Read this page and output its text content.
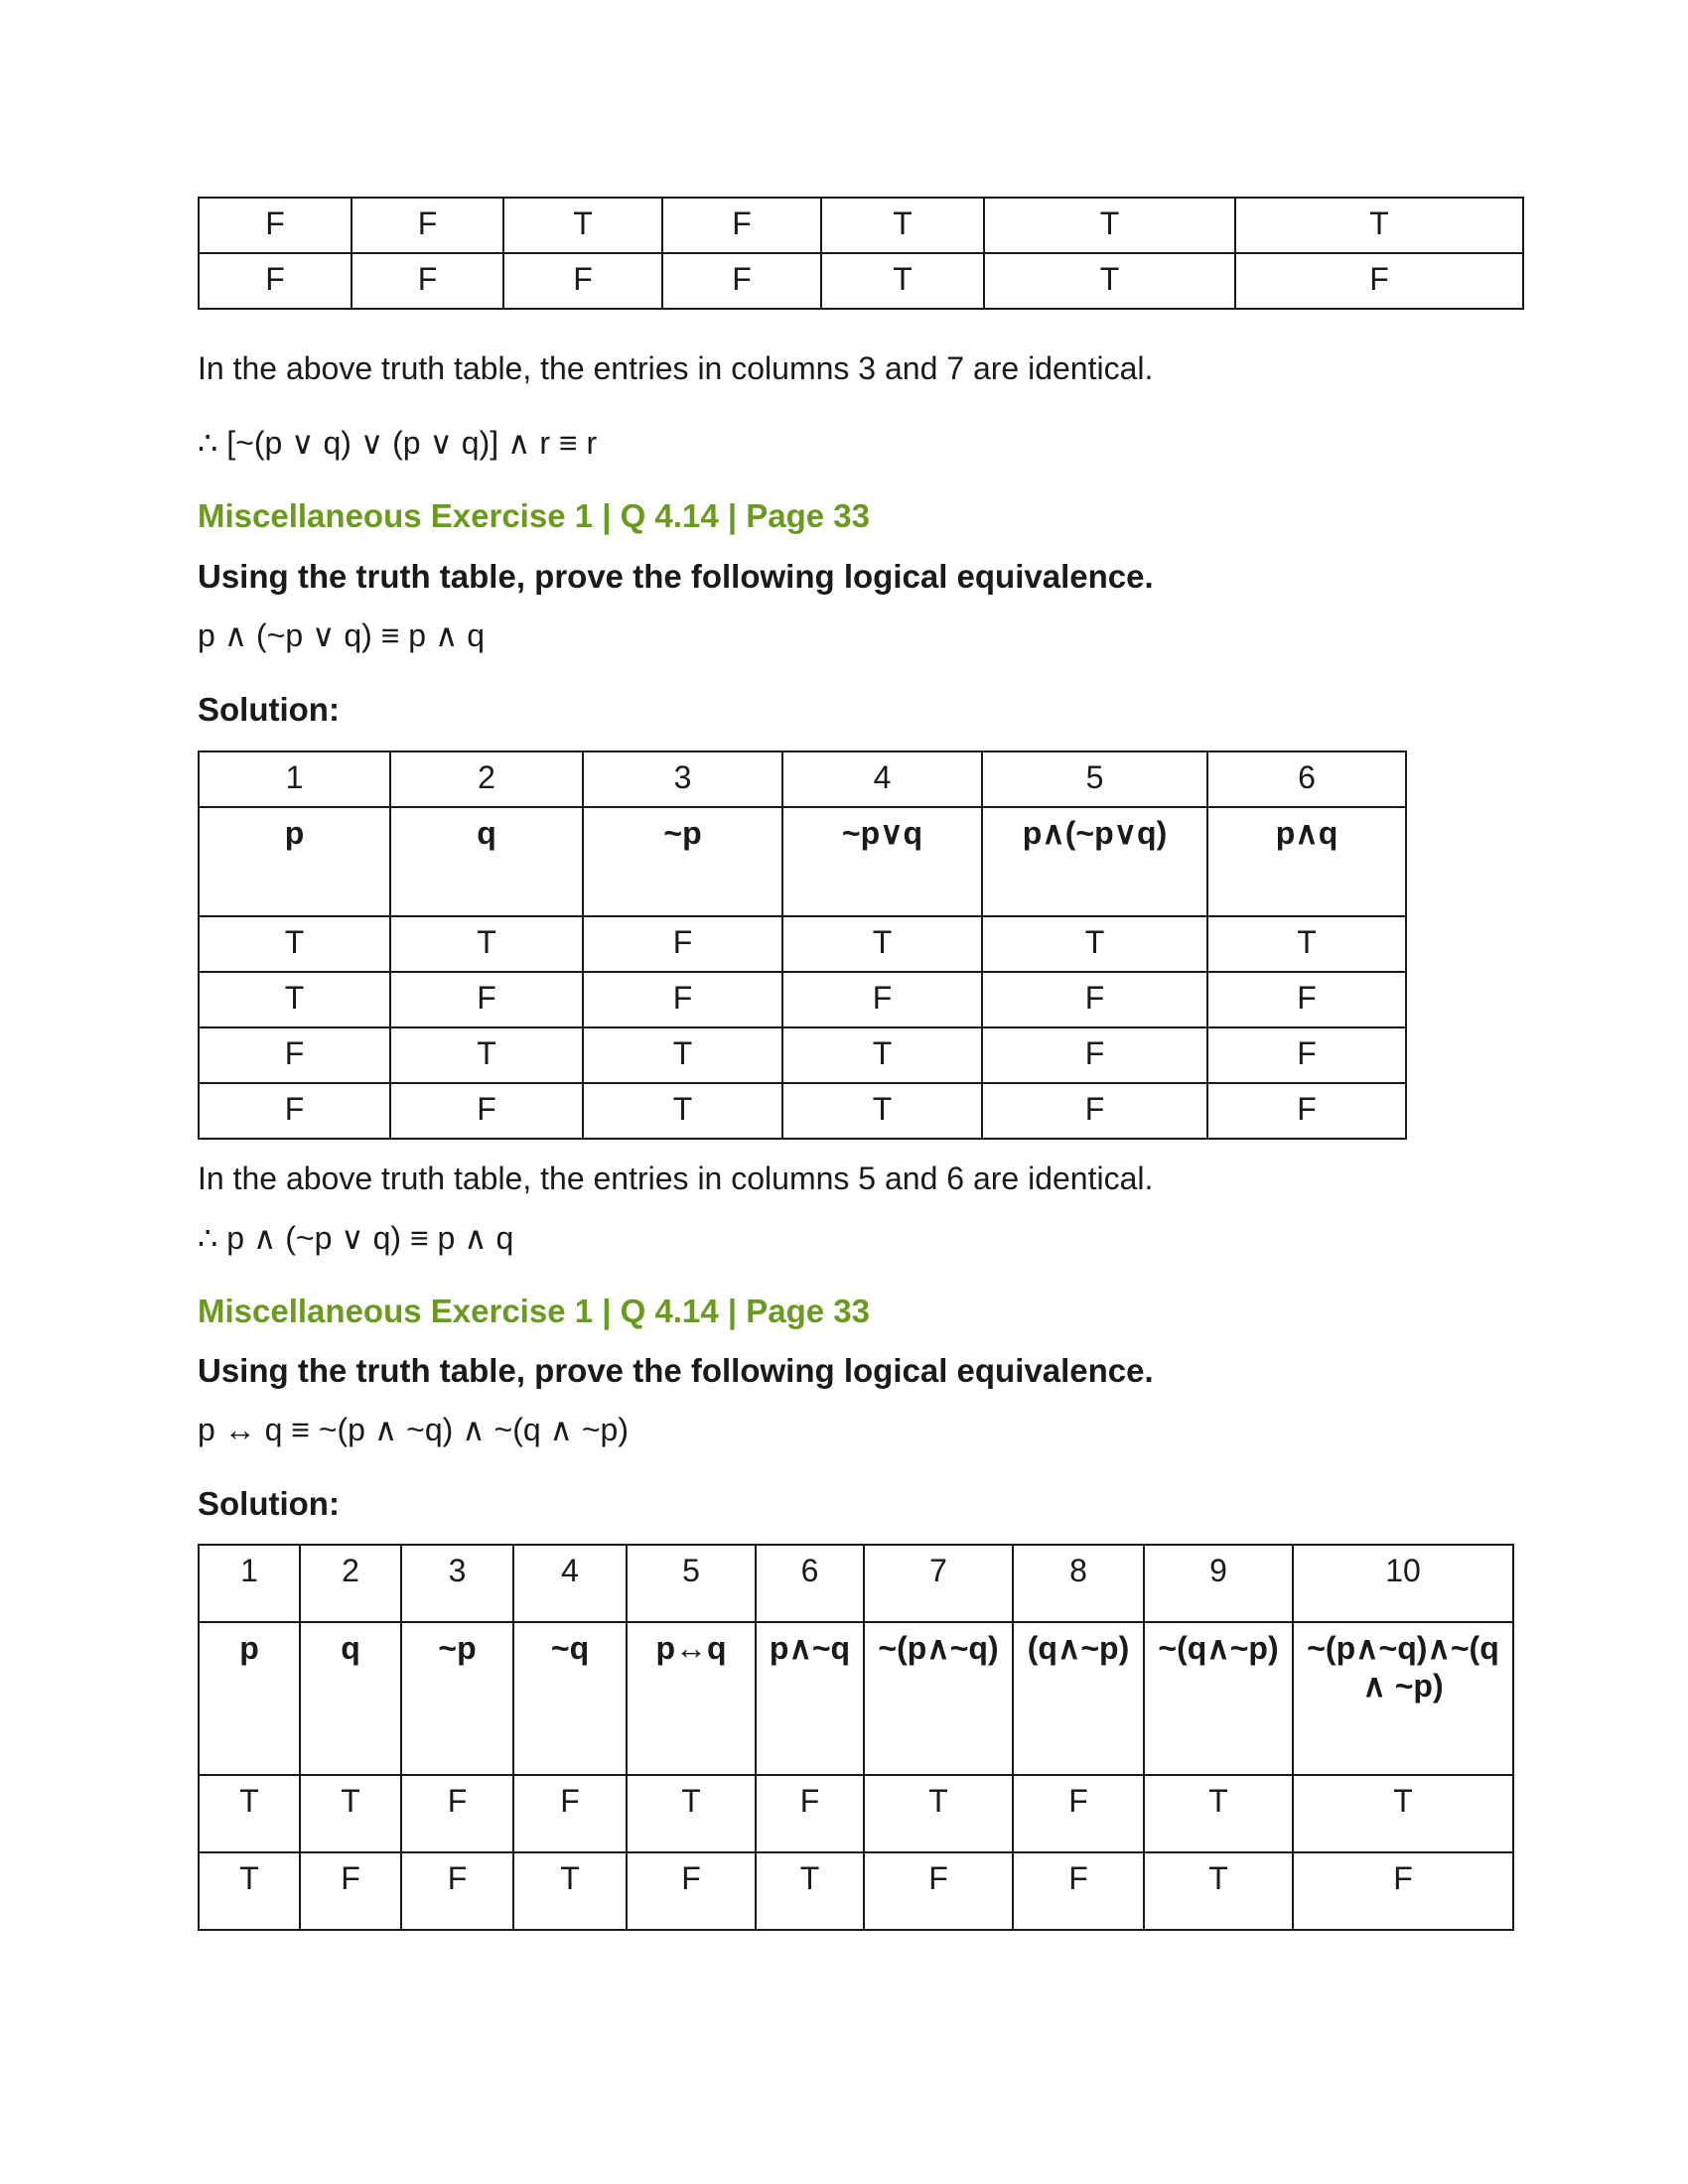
F	F	T	F	T	T	T
F	F	F	F	T	T	F
In the above truth table, the entries in columns 3 and 7 are identical.
∴ [~(p ∨ q) ∨ (p ∨ q)] ∧ r ≡ r
Miscellaneous Exercise 1 | Q 4.14 | Page 33
Using the truth table, prove the following logical equivalence.
p ∧ (~p ∨ q) ≡ p ∧ q
Solution:
1	2	3	4	5	6
p	q	~p	~p∨q	p∧(~p∨q)	p∧q
T	T	F	T	T	T
T	F	F	F	F	F
F	T	T	T	F	F
F	F	T	T	F	F
In the above truth table, the entries in columns 5 and 6 are identical.
∴ p ∧ (~p ∨ q) ≡ p ∧ q
Miscellaneous Exercise 1 | Q 4.14 | Page 33
Using the truth table, prove the following logical equivalence.
p ↔ q ≡ ~(p ∧ ~q) ∧ ~(q ∧ ~p)
Solution:
1	2	3	4	5	6	7	8	9	10
p	q	~p	~q	p↔q	p∧~q	~(p∧~q)	(q∧~p)	~(q∧~p)	~(p∧~q)∧~(q ∧ ~p)
T	T	F	F	T	F	T	F	T	T
T	F	F	T	F	T	F	F	T	F
